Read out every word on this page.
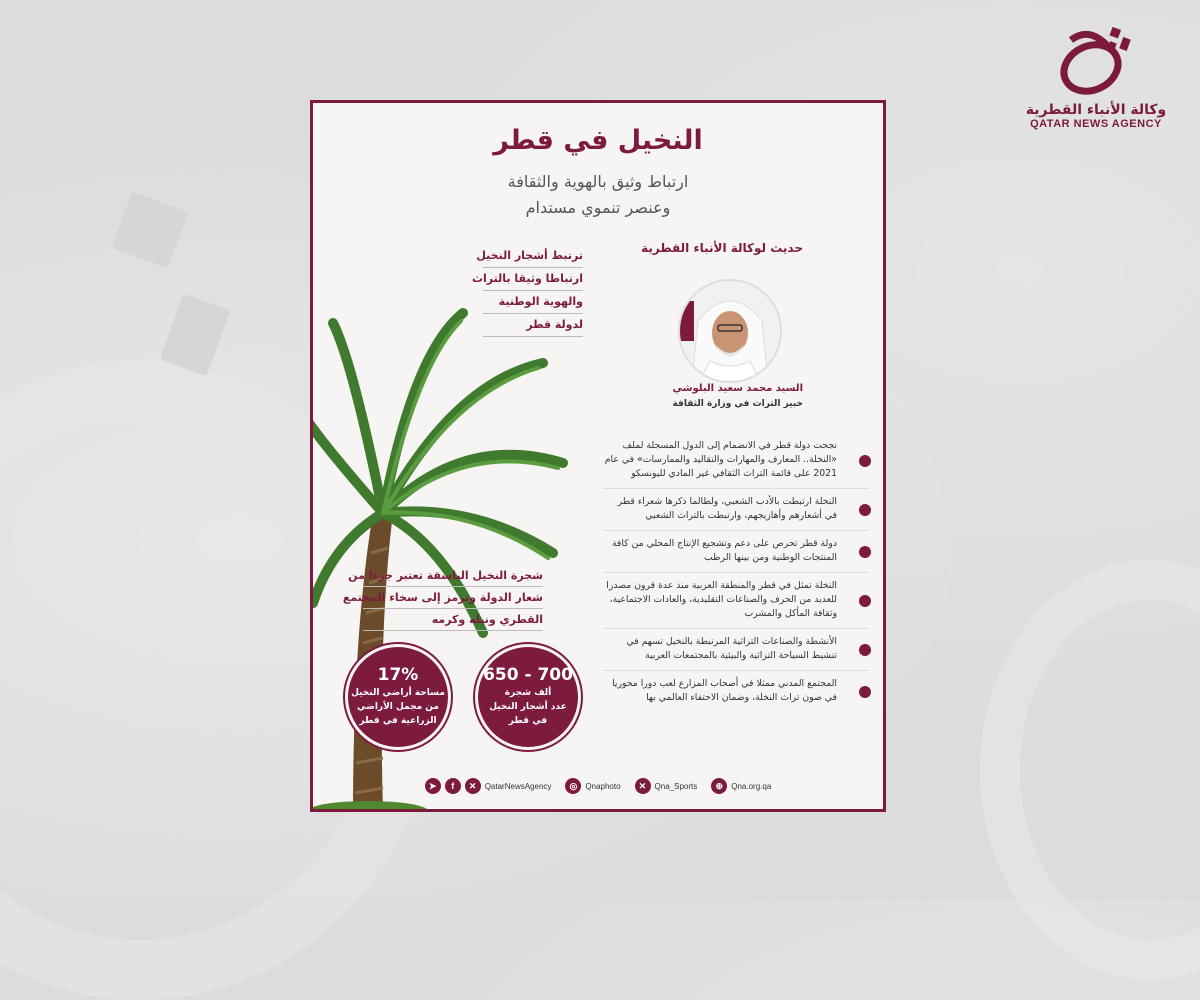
وكالة الأنباء القطرية
QATAR NEWS AGENCY
النخيل في قطر
ارتباط وثيق بالهوية والثقافة
وعنصر تنموي مستدام
ترتبط أشجار النخيل
ارتباطا وثيقا بالتراث
والهوية الوطنية
لدولة قطر
شجرة النخيل الباسقة تعتبر جزءا من
شعار الدولة وترمز إلى سخاء المجتمع
القطري ونبله وكرمه
650 - 700
ألف شجرة
عدد أشجار النخيل
في قطر
17%
مساحة أراضي النخيل
من مجمل الأراضي
الزراعية في قطر
حديث لوكالة الأنباء القطرية
السيد محمد سعيد البلوشي
خبير التراث في وزارة الثقافة
نجحت دولة قطر في الانضمام إلى الدول المسجلة لملف «النخلة.. المعارف والمهارات والتقاليد والممارسات» في عام 2021 على قائمة التراث الثقافي غير المادي لليونسكو
النخلة ارتبطت بالأدب الشعبي، ولطالما ذكرها شعراء قطر في أشعارهم وأهازيجهم، وارتبطت بالتراث الشعبي
دولة قطر تحرص على دعم وتشجيع الإنتاج المحلي من كافة المنتجات الوطنية ومن بينها الرطب
النخلة تمثل في قطر والمنطقة العربية منذ عدة قرون مصدرا للعديد من الحرف والصناعات التقليدية، والعادات الاجتماعية، وثقافة المأكل والمشرب
الأنشطة والصناعات التراثية المرتبطة بالنخيل تسهم في تنشيط السياحة التراثية والبيئية بالمجتمعات العربية
المجتمع المدني ممثلا في أصحاب المزارع لعب دورا محوريا في صون تراث النخلة، وضمان الاحتفاء العالمي بها
➤	f	✕	QatarNewsAgency	◎	Qnaphoto	✕	Qna_Sports	⊕	Qna.org.qa
